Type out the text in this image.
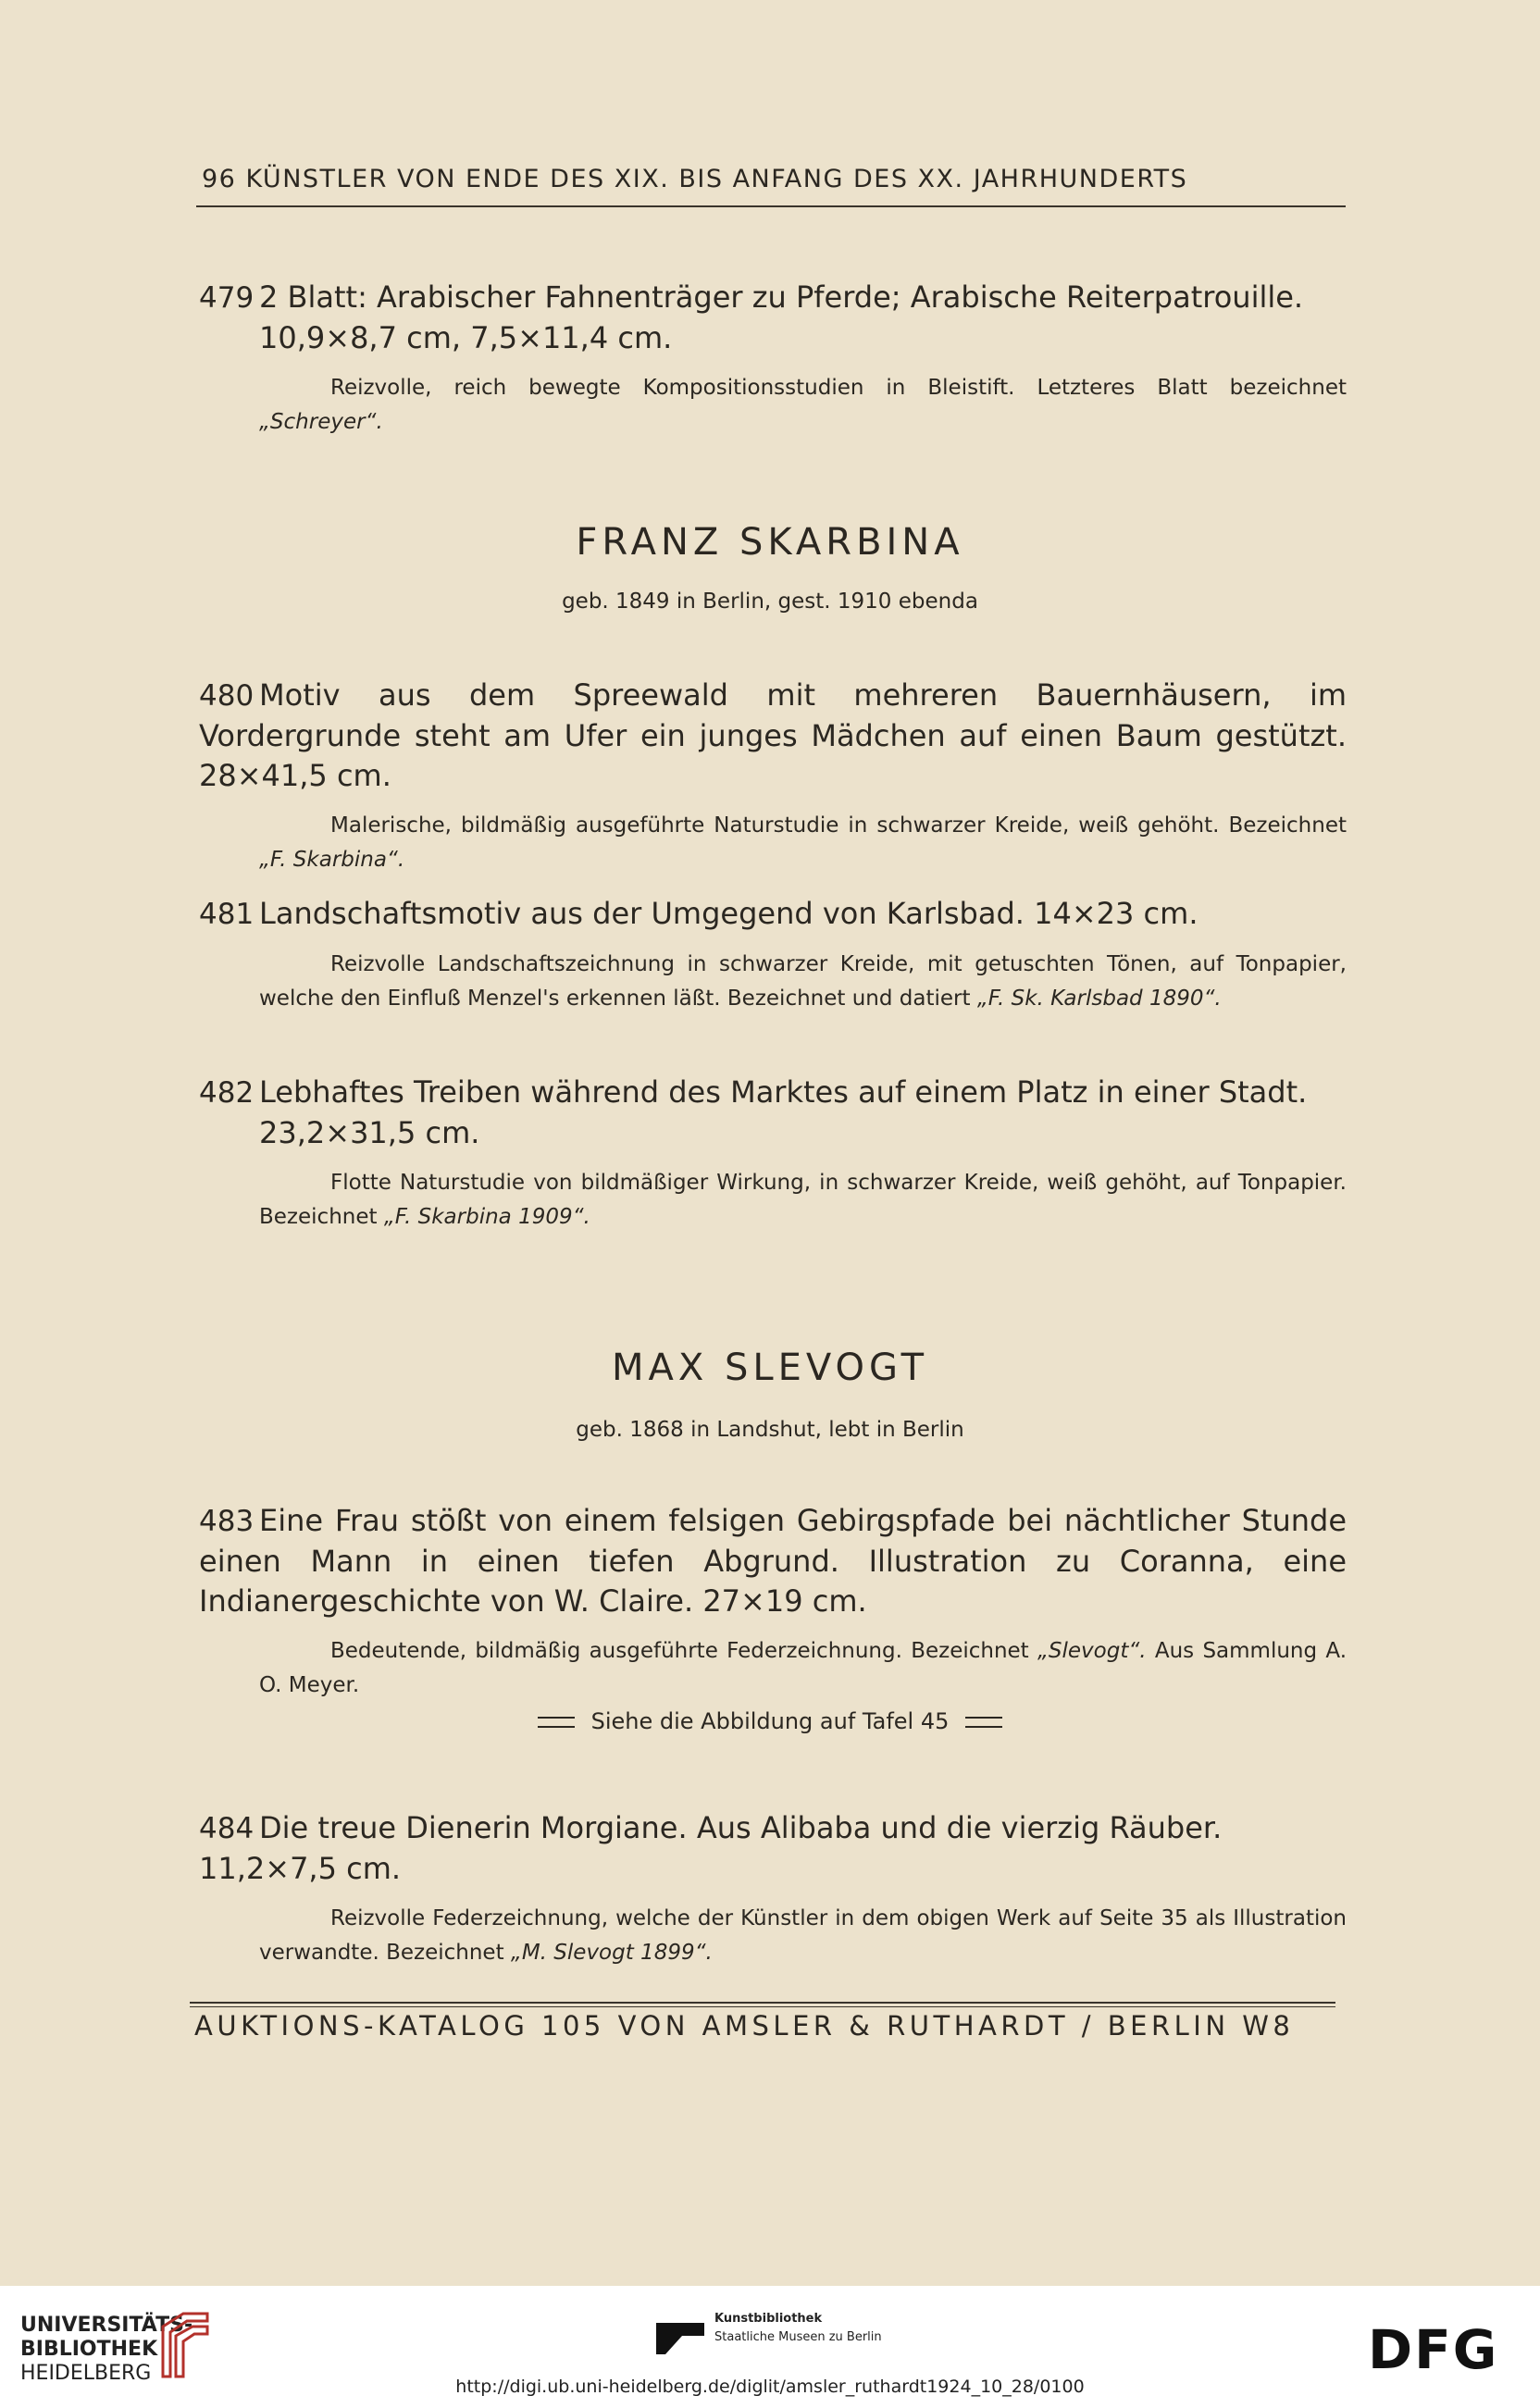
96 KÜNSTLER VON ENDE DES XIX. BIS ANFANG DES XX. JAHRHUNDERTS
479 2 Blatt: Arabischer Fahnenträger zu Pferde; Arabische Reiterpatrouille.
10,9×8,7 cm, 7,5×11,4 cm.
Reizvolle, reich bewegte Kompositionsstudien in Bleistift. Letzteres Blatt bezeichnet „Schreyer“.
FRANZ SKARBINA
geb. 1849 in Berlin, gest. 1910 ebenda
480 Motiv aus dem Spreewald mit mehreren Bauernhäusern, im Vordergrunde steht am Ufer ein junges Mädchen auf einen Baum gestützt. 28×41,5 cm.
Malerische, bildmäßig ausgeführte Naturstudie in schwarzer Kreide, weiß gehöht. Bezeichnet „F. Skarbina“.
481 Landschaftsmotiv aus der Umgegend von Karlsbad. 14×23 cm.
Reizvolle Landschaftszeichnung in schwarzer Kreide, mit getuschten Tönen, auf Tonpapier, welche den Einfluß Menzel's erkennen läßt. Bezeichnet und datiert „F. Sk. Karlsbad 1890“.
482 Lebhaftes Treiben während des Marktes auf einem Platz in einer Stadt.
23,2×31,5 cm.
Flotte Naturstudie von bildmäßiger Wirkung, in schwarzer Kreide, weiß gehöht, auf Tonpapier. Bezeichnet „F. Skarbina 1909“.
MAX SLEVOGT
geb. 1868 in Landshut, lebt in Berlin
483 Eine Frau stößt von einem felsigen Gebirgspfade bei nächtlicher Stunde einen Mann in einen tiefen Abgrund. Illustration zu Coranna, eine Indianergeschichte von W. Claire. 27×19 cm.
Bedeutende, bildmäßig ausgeführte Federzeichnung. Bezeichnet „Slevogt“. Aus Sammlung A. O. Meyer.
Siehe die Abbildung auf Tafel 45
484 Die treue Dienerin Morgiane. Aus Alibaba und die vierzig Räuber. 11,2×7,5 cm.
Reizvolle Federzeichnung, welche der Künstler in dem obigen Werk auf Seite 35 als Illustration verwandte. Bezeichnet „M. Slevogt 1899“.
AUKTIONS-KATALOG 105 VON AMSLER & RUTHARDT / BERLIN W8
UNIVERSITÄTS-
BIBLIOTHEK
HEIDELBERG
Kunstbibliothek
Staatliche Museen zu Berlin	DFG
http://digi.ub.uni-heidelberg.de/diglit/amsler_ruthardt1924_10_28/0100
